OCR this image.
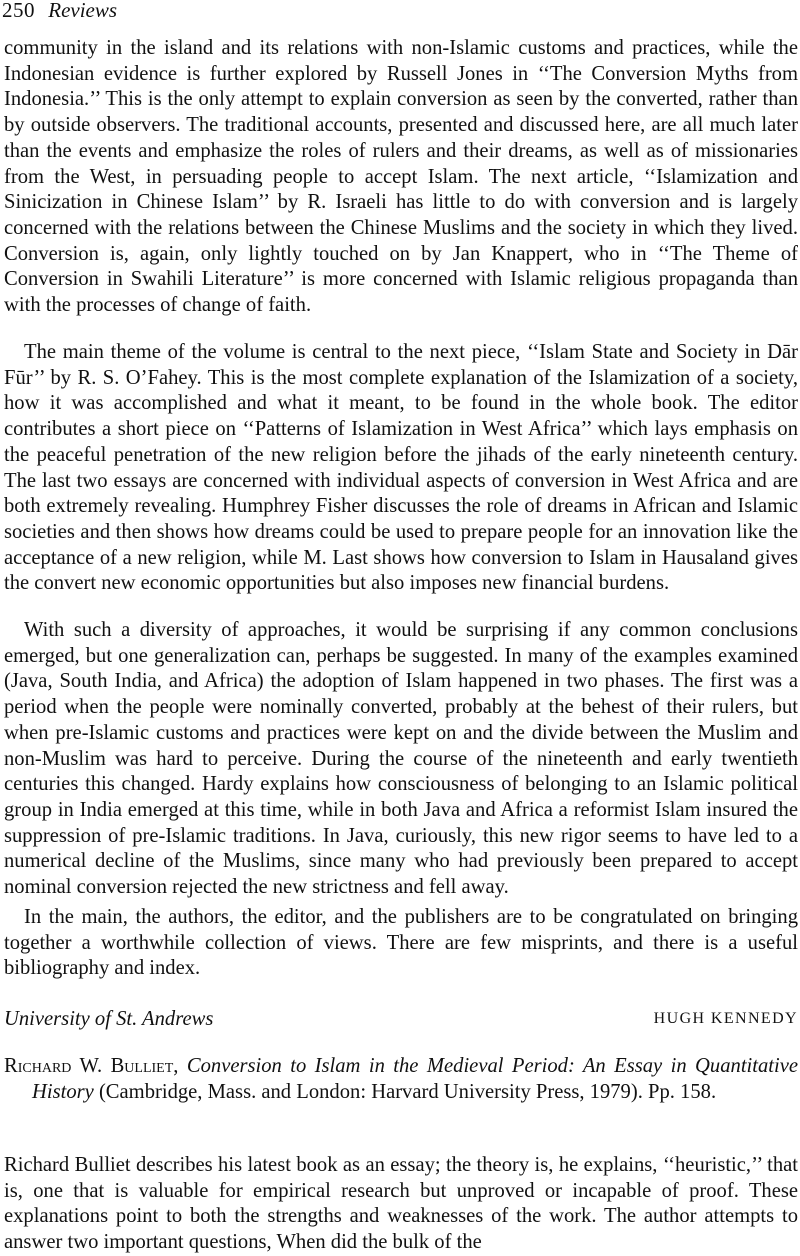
250 Reviews

community in the island and its relations with non-Islamic customs and practices, while the Indonesian evidence is further explored by Russell Jones in ‘‘The Conversion Myths from Indonesia.’’ This is the only attempt to explain conversion as seen by the converted, rather than by outside observers. The traditional accounts, presented and discussed here, are all much later than the events and emphasize the roles of rulers and their dreams, as well as of missionaries from the West, in persuading people to accept Islam. The next article, ‘‘Islamization and Sinicization in Chinese Islam’’ by R. Israeli has little to do with conversion and is largely concerned with the relations between the Chinese Muslims and the society in which they lived. Conversion is, again, only lightly touched on by Jan Knappert, who in ‘‘The Theme of Conversion in Swahili Literature’’ is more concerned with Islamic religious propaganda than with the processes of change of faith.

The main theme of the volume is central to the next piece, ‘‘Islam State and Society in Dār Fūr’’ by R. S. O’Fahey. This is the most complete explanation of the Islamization of a society, how it was accomplished and what it meant, to be found in the whole book. The editor contributes a short piece on ‘‘Patterns of Islamization in West Africa’’ which lays emphasis on the peaceful penetration of the new religion before the jihads of the early nineteenth century. The last two essays are concerned with individual aspects of conversion in West Africa and are both extremely revealing. Humphrey Fisher discusses the role of dreams in African and Islamic societies and then shows how dreams could be used to prepare people for an innovation like the acceptance of a new religion, while M. Last shows how conversion to Islam in Hausaland gives the convert new economic opportunities but also imposes new financial burdens.

With such a diversity of approaches, it would be surprising if any common conclusions emerged, but one generalization can, perhaps be suggested. In many of the examples examined (Java, South India, and Africa) the adoption of Islam happened in two phases. The first was a period when the people were nominally converted, probably at the behest of their rulers, but when pre-Islamic customs and practices were kept on and the divide between the Muslim and non-Muslim was hard to perceive. During the course of the nineteenth and early twentieth centuries this changed. Hardy explains how consciousness of belonging to an Islamic political group in India emerged at this time, while in both Java and Africa a reformist Islam insured the suppression of pre-Islamic traditions. In Java, curiously, this new rigor seems to have led to a numerical decline of the Muslims, since many who had previously been prepared to accept nominal conversion rejected the new strictness and fell away.

In the main, the authors, the editor, and the publishers are to be congratulated on bringing together a worthwhile collection of views. There are few misprints, and there is a useful bibliography and index.

University of St. Andrews	HUGH KENNEDY

Richard W. Bulliet, Conversion to Islam in the Medieval Period: An Essay in Quantitative History (Cambridge, Mass. and London: Harvard University Press, 1979). Pp. 158.

Richard Bulliet describes his latest book as an essay; the theory is, he explains, ‘‘heuristic,’’ that is, one that is valuable for empirical research but unproved or incapable of proof. These explanations point to both the strengths and weaknesses of the work. The author attempts to answer two important questions, When did the bulk of the
